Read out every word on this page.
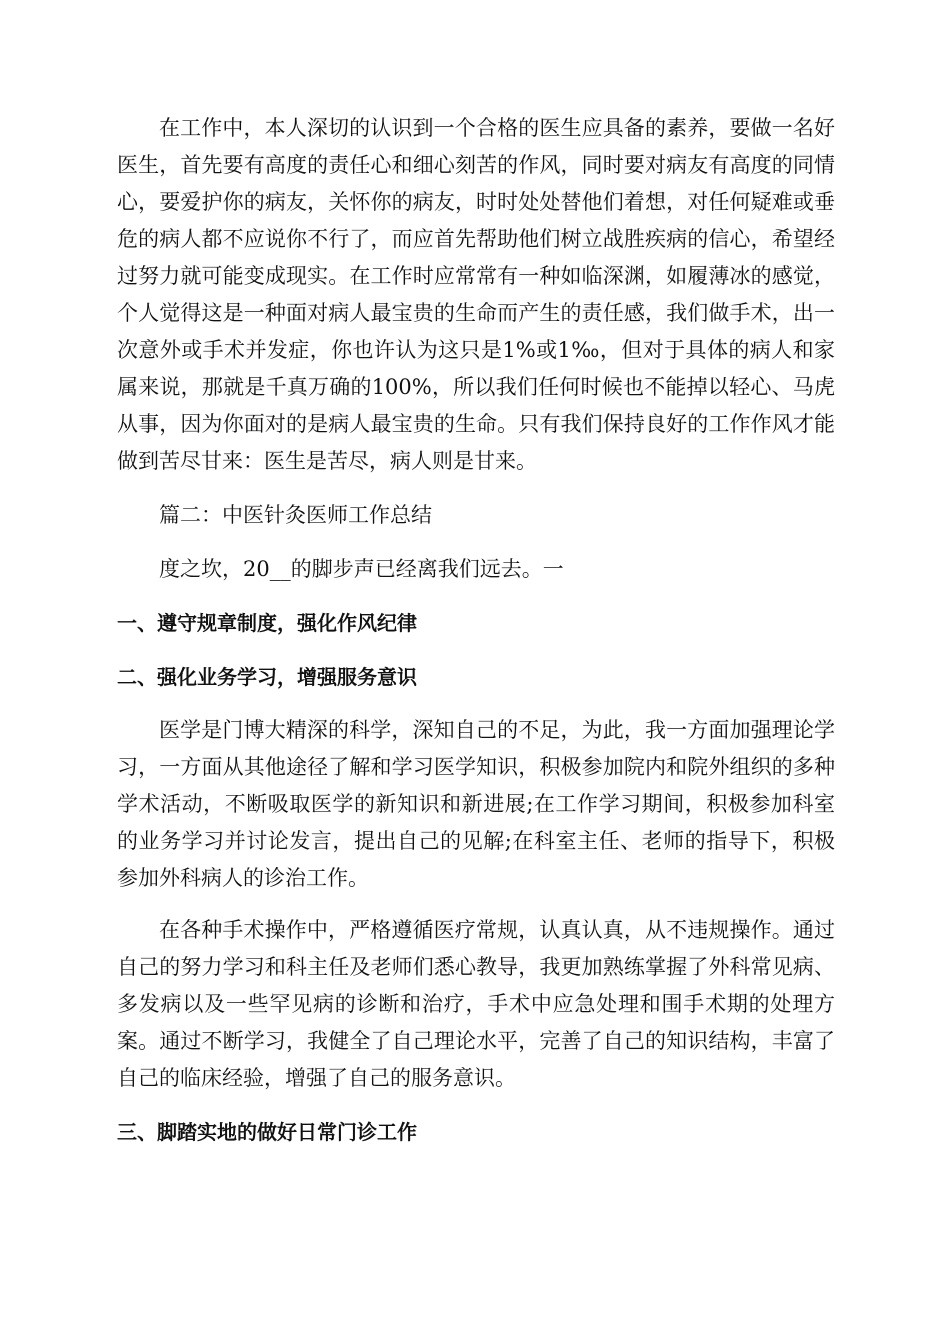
在工作中，本人深切的认识到一个合格的医生应具备的素养，要做一名好医生，首先要有高度的责任心和细心刻苦的作风，同时要对病友有高度的同情心，要爱护你的病友，关怀你的病友，时时处处替他们着想，对任何疑难或垂危的病人都不应说你不行了，而应首先帮助他们树立战胜疾病的信心，希望经过努力就可能变成现实。在工作时应常常有一种如临深渊，如履薄冰的感觉，个人觉得这是一种面对病人最宝贵的生命而产生的责任感，我们做手术，出一次意外或手术并发症，你也许认为这只是1%或1‰，但对于具体的病人和家属来说，那就是千真万确的100%，所以我们任何时候也不能掉以轻心、马虎从事，因为你面对的是病人最宝贵的生命。只有我们保持良好的工作作风才能做到苦尽甘来：医生是苦尽，病人则是甘来。

篇二：中医针灸医师工作总结

度之坎，20__的脚步声已经离我们远去。一

一、遵守规章制度，强化作风纪律

二、强化业务学习，增强服务意识

医学是门博大精深的科学，深知自己的不足，为此，我一方面加强理论学习，一方面从其他途径了解和学习医学知识，积极参加院内和院外组织的多种学术活动，不断吸取医学的新知识和新进展;在工作学习期间，积极参加科室的业务学习并讨论发言，提出自己的见解;在科室主任、老师的指导下，积极参加外科病人的诊治工作。

在各种手术操作中，严格遵循医疗常规，认真认真，从不违规操作。通过自己的努力学习和科主任及老师们悉心教导，我更加熟练掌握了外科常见病、多发病以及一些罕见病的诊断和治疗，手术中应急处理和围手术期的处理方案。通过不断学习，我健全了自己理论水平，完善了自己的知识结构，丰富了自己的临床经验，增强了自己的服务意识。

三、脚踏实地的做好日常门诊工作
